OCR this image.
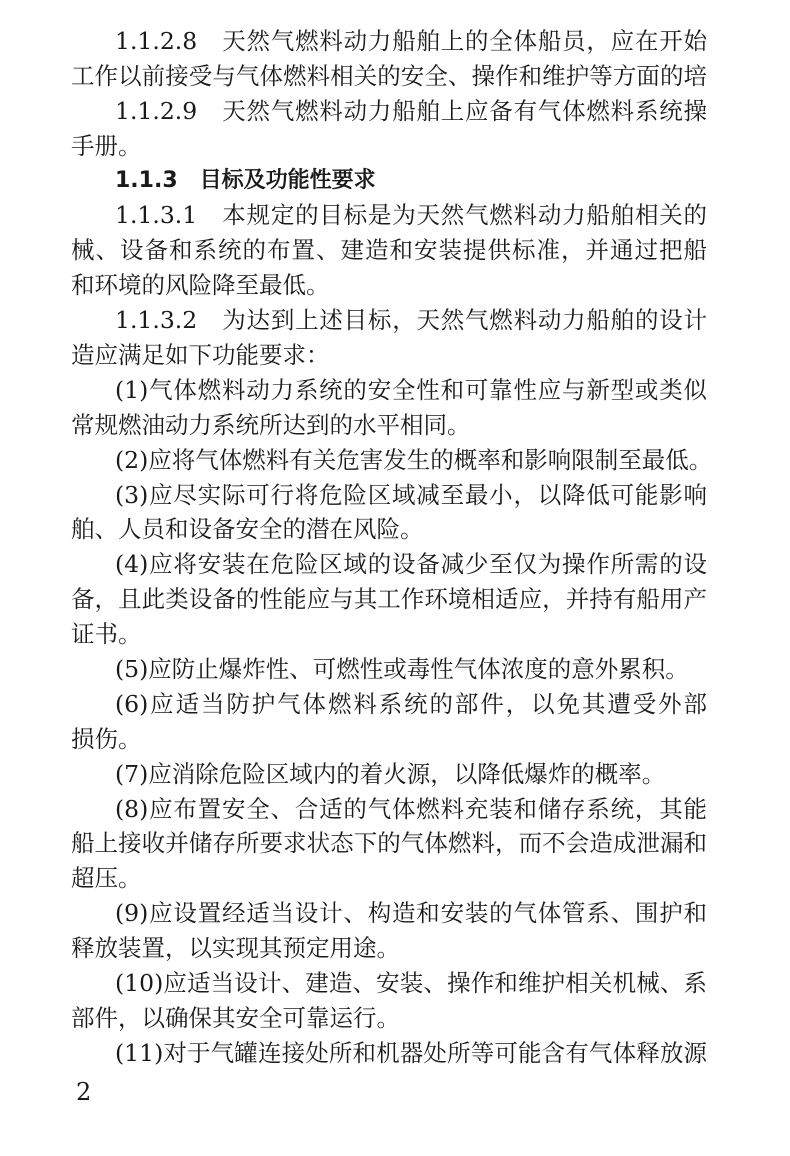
1.1.2.8　天然气燃料动力船舶上的全体船员，应在开始
工作以前接受与气体燃料相关的安全、操作和维护等方面的培
1.1.2.9　天然气燃料动力船舶上应备有气体燃料系统操
手册。
1.1.3　目标及功能性要求
1.1.3.1　本规定的目标是为天然气燃料动力船舶相关的
械、设备和系统的布置、建造和安装提供标准，并通过把船
和环境的风险降至最低。
1.1.3.2　为达到上述目标，天然气燃料动力船舶的设计
造应满足如下功能要求：
(1)气体燃料动力系统的安全性和可靠性应与新型或类似
常规燃油动力系统所达到的水平相同。
(2)应将气体燃料有关危害发生的概率和影响限制至最低。
(3)应尽实际可行将危险区域减至最小，以降低可能影响
舶、人员和设备安全的潜在风险。
(4)应将安装在危险区域的设备减少至仅为操作所需的设
备，且此类设备的性能应与其工作环境相适应，并持有船用产
证书。
(5)应防止爆炸性、可燃性或毒性气体浓度的意外累积。
(6)应适当防护气体燃料系统的部件，以免其遭受外部
损伤。
(7)应消除危险区域内的着火源，以降低爆炸的概率。
(8)应布置安全、合适的气体燃料充装和储存系统，其能
船上接收并储存所要求状态下的气体燃料，而不会造成泄漏和
超压。
(9)应设置经适当设计、构造和安装的气体管系、围护和
释放装置，以实现其预定用途。
(10)应适当设计、建造、安装、操作和维护相关机械、系
部件，以确保其安全可靠运行。
(11)对于气罐连接处所和机器处所等可能含有气体释放源
2
